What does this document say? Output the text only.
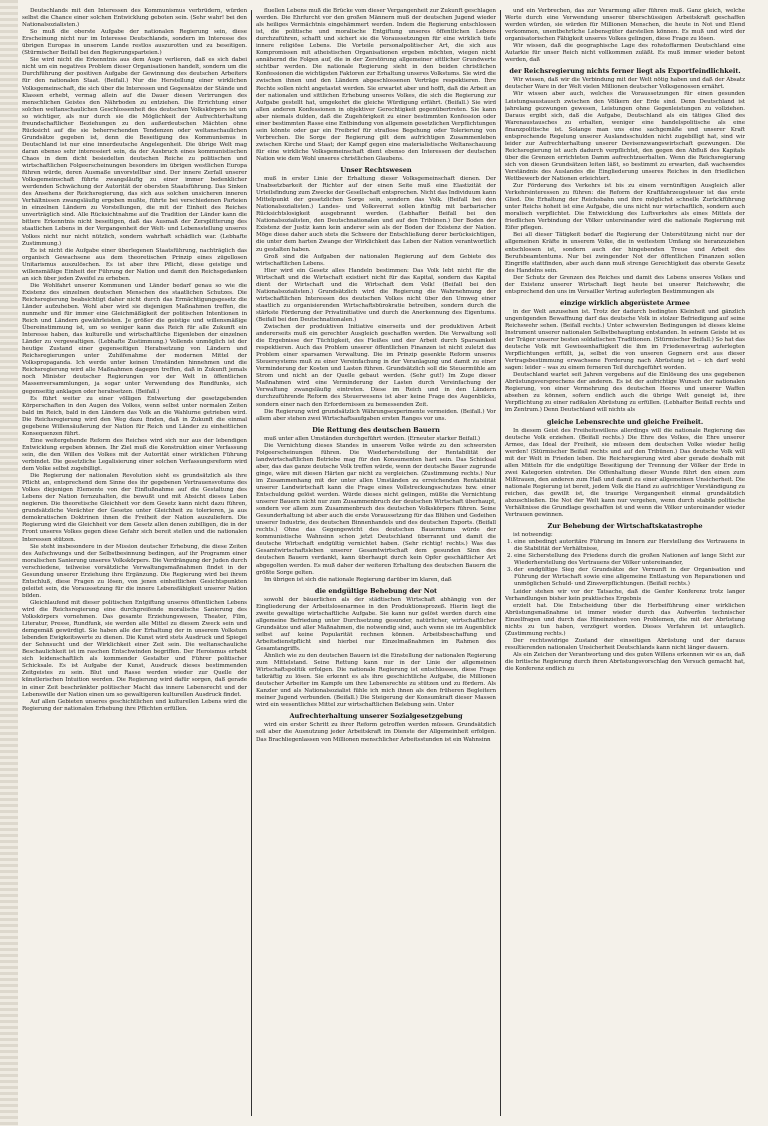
Deutschlands mit den Interessen des Kommunismus verbrüdern, würden selbst die Chance einer solchen Entwicklung geboten sein. (Sehr wahr! bei den Nationalsozialisten.)

So muß die oberste Aufgabe der nationalen Regierung sein, diese Erscheinung nicht nur im Interesse Deutschlands, sondern im Interesse des übrigen Europas in unserem Lande restlos auszurotten und zu beseitigen. (Stürmischer Beifall bei den Regierungsparteien.)

Sie wird nicht die Erkenntnis aus dem Auge verlieren, daß es sich dabei nicht um ein negatives Problem dieser Organisationen handelt, sondern um die Durchführung der positiven Aufgabe der Gewinnung des deutschen Arbeiters für den nationalen Staat. (Beifall.) Nur die Herstellung einer wirklichen Volksgemeinschaft, die sich über die Interessen und Gegensätze der Stände und Klassen erhebt, vermag allein auf die Dauer diesen Verirrungen des menschlichen Geistes den Nährboden zu entziehen. Die Errichtung einer solchen weltanschaulichen Geschlossenheit des deutschen Volkskörpers ist um so wichtiger, als nur durch sie die Möglichkeit der Aufrechterhaltung freundschaftlicher Beziehungen zu den außerdeutschen Mächten ohne Rücksicht auf die sie beherrschenden Tendenzen oder weltanschaulichen Grundsätze gegeben ist, denn die Beseitigung des Kommunismus in Deutschland ist nur eine innerdeutsche Angelegenheit. Die übrige Welt mag daran ebenso sehr interessiert sein, da der Ausbruch eines kommunistischen Chaos in dem dicht besiedelten deutschen Reiche zu politischen und wirtschaftlichen Folgeerscheinungen besonders im übrigen westlichen Europa führen würde, deren Ausmaße unvorstellbar sind. Der innere Zerfall unserer Volksgemeinschaft führte zwangsläufig zu einer immer bedenklicher werdenden Schwächung der Autorität der obersten Staatsführung. Das Sinken des Ansehens der Reichsregierung, das sich aus solchen unsicheren inneren Verhältnissen zwangsläufig ergeben mußte, führte bei verschiedenen Parteien in einzelnen Ländern zu Vorstellungen, die mit der Einheit des Reiches unverträglich sind. Alle Rücksichtnahme auf die Tradition der Länder kann die bittere Erkenntnis nicht beseitigen, daß das Ausmaß der Zersplitterung des staatlichen Lebens in der Vergangenheit der Welt- und Lebensstellung unseres Volkes nicht nur nicht nützlich, sondern wahrhaft schädlich war. (Lebhafte Zustimmung.)

Es ist nicht die Aufgabe einer überlegenen Staatsführung, nachträglich das organisch Gewachsene aus dem theoretischen Prinzip eines zügellosen Unitarismus auszulöschen. Es ist aber ihre Pflicht, diese geistige und willensmäßige Einheit der Führung der Nation und damit den Reichsgedanken an sich über jeden Zweifel zu erheben.

Die Wohlfahrt unserer Kommunen und Länder bedarf genau so wie die Existenz des einzelnen deutschen Menschen des staatlichen Schutzes. Die Reichsregierung beabsichtigt daher nicht durch das Ermächtigungsgesetz die Länder aufzuheben. Wohl aber wird sie diejenigen Maßnahmen treffen, die nunmehr und für immer eine Gleichmäßigkeit der politischen Intentionen in Reich und Ländern gewährleisten. Je größer die geistige und willensmäßige Übereinstimmung ist, um so weniger kann das Reich für alle Zukunft ein Interesse haben, das kulturelle und wirtschaftliche Eigenleben der einzelnen Länder zu vergewaltigen. (Lebhafte Zustimmung.) Vollends unmöglich ist der heutige Zustand einer gegenseitigen Herabsetzung von Ländern und Reichsregierungen unter Zuhilfenahme der modernen Mittel der Volkspropaganda. Ich werde unter keinen Umständen hinnehmen und die Reichsregierung wird alle Maßnahmen dagegen treffen, daß in Zukunft jemals noch Minister deutscher Regierungen vor der Welt in öffentlichen Massenversammlungen, ja sogar unter Verwendung des Rundfunks, sich gegenseitig anklagen oder herabsetzen. (Beifall.)

Es führt weiter zu einer völligen Entwertung der gesetzgebenden Körperschaften in den Augen des Volkes, wenn selbst unter normalen Zeiten bald im Reich, bald in den Ländern das Volk an die Wahlurne getrieben wird. Die Reichsregierung wird den Weg dazu finden, daß in Zukunft die einmal gegebene Willensäußerung der Nation für Reich und Länder zu einheitlichen Konsequenzen führt.

Eine weitergehende Reform des Reiches wird sich nur aus der lebendigen Entwicklung ergeben können. Ihr Ziel muß die Konstruktion einer Verfassung sein, die den Willen des Volkes mit der Autorität einer wirklichen Führung verbindet. Die gesetzliche Legalisierung einer solchen Verfassungsreform wird dem Volke selbst zugebilligt.

Die Regierung der nationalen Revolution sieht es grundsätzlich als ihre Pflicht an, entsprechend dem Sinne des ihr gegebenen Vertrauensvotums des Volkes diejenigen Elemente von der Einflußnahme auf die Gestaltung des Lebens der Nation fernzuhalten, die bewußt und mit Absicht dieses Leben negieren. Die theoretische Gleichheit vor dem Gesetz kann nicht dazu führen, grundsätzliche Verächter der Gesetze unter Gleichheit zu tolerieren, ja aus demokratischen Doktrinen ihnen die Freiheit der Nation auszuliefern. Die Regierung wird die Gleichheit vor dem Gesetz allen denen zubilligen, die in der Front unseres Volkes gegen diese Gefahr sich bereit stellen und die nationalen Interessen stützen.

Sie steht insbesondere in der Mission deutscher Erhebung, die diese Zeiten des Aufschwungs und der Selbstbesinnung bedingen, auf ihr Programm einer moralischen Sanierung unseres Volkskörpers. Die Verdrängung der Juden durch verschiedene, teilweise vorsätzliche Verwaltungsmaßnahmen findet in der Gesundung unserer Erziehung ihre Ergänzung. Die Regierung wird bei ihrem Entschluß, diese Fragen zu lösen, von jenen einheitlichen Gesichtspunkten geleitet sein, die Voraussetzung für die innere Lebensfähigkeit unserer Nation bilden.

Gleichlaufend mit dieser politischen Entgiftung unseres öffentlichen Lebens wird die Reichsregierung eine durchgreifende moralische Sanierung des Volkskörpers vornehmen. Das gesamte Erziehungswesen, Theater, Film, Literatur, Presse, Rundfunk, sie werden alle Mittel zu diesem Zweck sein und demgemäß gewürdigt. Sie haben alle der Erhaltung der in unserem Volkstum lebenden Ewigkeitswerte zu dienen. Die Kunst wird stets Ausdruck und Spiegel der Sehnsucht und der Wirklichkeit einer Zeit sein. Die weltanschauliche Beschaulichkeit ist im raschen Entschwinden begriffen. Der Heroismus erhebt sich leidenschaftlich als kommender Gestalter und Führer politischer Schicksale. Es ist Aufgabe der Kunst, Ausdruck dieses bestimmenden Zeitgeistes zu sein. Blut und Rasse werden wieder zur Quelle der künstlerischen Intuition werden. Die Regierung wird dafür sorgen, daß gerade in einer Zeit beschränkter politischer Macht das innere Lebensrecht und der Lebenswille der Nation einen um so gewaltigeren kulturellen Ausdruck findet.

Auf allen Gebieten unseres geschichtlichen und kulturellen Lebens wird die Regierung der nationalen Erhebung ihre Pflichten erfüllen.

fluellen Lebens muß die Brücke vom dieser Vergangenheit zur Zukunft geschlagen werden. Die Ehrfurcht vor den großen Männern muß der deutschen Jugend wieder als heiliges Vermächtnis eingehämmert werden. Indem die Regierung entschlossen ist, die politische und moralische Entgiftung unseres öffentlichen Lebens durchzuführen, schafft und sichert sie die Voraussetzungen für eine wirklich tiefe innere religiöse Lebens. Die Vorteile personalpolitischer Art, die sich aus Kompromissen mit atheistischen Organisationen ergeben möchten, wiegen nicht annähernd die Folgen auf, die in der Zerstörung allgemeiner sittlicher Grundwerte sichtbar werden. Die nationale Regierung sieht in den beiden christlichen Konfessionen die wichtigsten Faktoren zur Erhaltung unseres Volkstums. Sie wird die zwischen ihnen und den Ländern abgeschlossenen Verträge respektieren. Ihre Rechte sollen nicht angetastet werden. Sie erwartet aber und hofft, daß die Arbeit an der nationalen und sittlichen Erhebung unseres Volkes, die sich die Regierung zur Aufgabe gestellt hat, umgekehrt die gleiche Würdigung erfährt. (Beifall.) Sie wird allen anderen Konfessionen in objektiver Gerechtigkeit gegenübertreten. Sie kann aber niemals dulden, daß die Zugehörigkeit zu einer bestimmten Konfession oder einer bestimmten Rasse eine Entbindung von allgemein gesetzlichen Verpflichtungen sein könnte oder gar ein Freibrief für straflose Begehung oder Tolerierung von Verbrechen. Die Sorge der Regierung gilt dem aufrichtigen Zusammenleben zwischen Kirche und Staat; der Kampf gegen eine materialistische Weltanschauung für eine wirkliche Volksgemeinschaft dient ebenso den Interessen der deutschen Nation wie dem Wohl unseres christlichen Glaubens.

Unser Rechtswesen

muß in erster Linie der Erhaltung dieser Volksgemeinschaft dienen. Der Unabsetzbarkeit der Richter auf der einen Seite muß eine Elastizität der Urteilsfindung zum Zwecke der Gesellschaft entsprechen. Nicht das Individuum kann Mittelpunkt der gesetzlichen Sorge sein, sondern das Volk. (Beifall bei den Nationalsozialisten.) Landes- und Volksverrat sollen künftig mit barbarischer Rücksichtslosigkeit ausgebrannt werden. (Lebhafter Beifall bei den Nationalsozialisten, den Deutschnationalen und auf den Tribünen.) Der Boden der Existenz der Justiz kann kein anderer sein als der Boden der Existenz der Nation. Möge diese daher auch stets die Schwere der Entschließung derer berücksichtigen, die unter dem harten Zwange der Wirklichkeit das Leben der Nation verantwortlich zu gestalten haben.

Groß sind die Aufgaben der nationalen Regierung auf dem Gebiete des wirtschaftlichen Lebens.

Hier wird ein Gesetz alles Handeln bestimmen: Das Volk lebt nicht für die Wirtschaft und die Wirtschaft existiert nicht für das Kapital, sondern das Kapital dient der Wirtschaft und die Wirtschaft dem Volk! (Beifall bei den Nationalsozialisten.) Grundsätzlich wird die Regierung die Wahrnehmung der wirtschaftlichen Interessen des deutschen Volkes nicht über den Umweg einer staatlich zu organisierenden Wirtschaftsbürokratie betreiben, sondern durch die stärkste Förderung der Privatinitiative und durch die Anerkennung des Eigentums. (Beifall bei den Deutschnationalen.)

Zwischen der produktiven Initiative einerseits und der produktiven Arbeit andererseits muß ein gerechter Ausgleich geschaffen werden. Die Verwaltung soll die Ergebnisse der Tüchtigkeit, des Fleißes und der Arbeit durch Sparsamkeit respektieren. Auch das Problem unserer öffentlichen Finanzen ist nicht zuletzt das Problem einer sparsamen Verwaltung. Die im Prinzip gesenkte Reform unseres Steuersystems muß zu einer Vereinfachung in der Veranlagung und damit zu einer Verminderung der Kosten und Lasten führen. Grundsätzlich soll die Steuermühle am Strom und nicht an der Quelle gebaut werden. (Sehr gut!) Im Zuge dieser Maßnahmen wird eine Verminderung der Lasten durch Vereinfachung der Verwaltung zwangsläufig eintreten. Diese im Reich und in den Ländern durchzuführende Reform des Steuerwesens ist aber keine Frage des Augenblicks, sondern einer nach den Erfordernissen zu bemessenden Zeit.

Die Regierung wird grundsätzlich Währungsexperimente vermeiden. (Beifall.) Vor allem aber stehen zwei Wirtschaftsaufgaben ersten Ranges vor uns.

Die Rettung des deutschen Bauern

muß unter allen Umständen durchgeführt werden. (Erneuter starker Beifall.)

Die Vernichtung dieses Standes in unserem Volke würde zu den schwersten Folgeerscheinungen führen. Die Wiederherstellung der Rentabilität der landwirtschaftlichen Betriebe mag für den Konsumenten hart sein. Das Schicksal aber, das das ganze deutsche Volk treffen würde, wenn der deutsche Bauer zugrunde ginge, wäre mit diesen Härten gar nicht zu vergleichen. (Zustimmung rechts.) Nur im Zusammenhang mit der unter allen Umständen zu erreichenden Rentabilität unserer Landwirtschaft kann die Frage eines Vollstreckungsschutzes bzw. einer Entschuldung gelöst werden. Würde dieses nicht gelingen, müßte die Vernichtung unserer Bauern nicht nur zum Zusammenbruch der deutschen Wirtschaft überhaupt, sondern vor allem zum Zusammenbruch des deutschen Volkskörpers führen. Seine Gesunderhaltung ist aber auch die erste Voraussetzung für das Blühen und Gedeihen unserer Industrie, des deutschen Binnenhandels und des deutschen Exports. (Beifall rechts.) Ohne das Gegengewicht des deutschen Bauerntums würde der kommunistische Wahnsinn schon jetzt Deutschland überrannt und damit die deutsche Wirtschaft endgültig vernichtet haben. (Sehr richtig! rechts.) Was das Gesamtwirtschaftsleben unserer Gesamtwirtschaft dem gesunden Sinn des deutschen Bauern verdankt, kann überhaupt durch kein Opfer geschäftlicher Art abgegolten werden. Es muß daher der weiteren Erhaltung des deutschen Bauern die größte Sorge gelten.

Im übrigen ist sich die nationale Regierung darüber im klaren, daß

die endgültige Behebung der Not

sowohl der bäuerlichen als der städtischen Wirtschaft abhängig von der Eingliederung der Arbeitslosenarmee in den Produktionsprozeß. Hierin liegt die zweite gewaltige wirtschaftliche Aufgabe. Sie kann nur gelöst werden durch eine allgemeine Befriedung unter Durchsetzung gesunder, natürlicher, wirtschaftlicher Grundsätze und aller Maßnahmen, die notwendig sind, auch wenn sie im Augenblick selbst auf keine Popularität rechnen können. Arbeitsbeschaffung und Arbeitsdienstpflicht sind hierbei nur Einzelmaßnahmen im Rahmen des Gesamtangriffs.

Ähnlich wie zu den deutschen Bauern ist die Einstellung der nationalen Regierung zum Mittelstand. Seine Rettung kann nur in der Linie der allgemeinen Wirtschaftspolitik erfolgen. Die nationale Regierung ist entschlossen, diese Frage tatkräftig zu lösen. Sie erkennt es als ihre geschichtliche Aufgabe, die Millionen deutscher Arbeiter im Kampfe um ihre Lebensrechte zu stützen und zu fördern. Als Kanzler und als Nationalsozialist fühle ich mich ihnen als den früheren Begleitern meiner Jugend verbunden. (Beifall.) Die Steigerung der Konsumkraft dieser Massen wird ein wesentliches Mittel zur wirtschaftlichen Belebung sein. Unter

Aufrechterhaltung unserer Sozialgesetzgebung

wird ein erster Schritt zu ihrer Reform getroffen werden müssen. Grundsätzlich soll aber die Ausnutzung jeder Arbeitskraft im Dienste der Allgemeinheit erfolgen. Das Brachliegenlassen von Millionen menschlicher Arbeitsstunden ist ein Wahnsinn

und ein Verbrechen, das zur Verarmung aller führen muß. Ganz gleich, welche Werte durch eine Verwendung unserer überschüssigen Arbeitskraft geschaffen werden würden, sie würden für Millionen Menschen, die heute in Not und Elend verkommen, unentbehrliche Lebensgüter darstellen können. Es muß und wird der organisatorischen Fähigkeit unseres Volkes gelingen, diese Frage zu lösen.

Wir wissen, daß die geographische Lage des rohstoffarmen Deutschland eine Autarkie für unser Reich nicht vollkommen zuläßt. Es muß immer wieder betont werden, daß

der Reichsregierung nichts ferner liegt als Exportfeindlichkeit.

Wir wissen, daß wir die Verbindung mit der Welt nötig haben und daß der Absatz deutscher Ware in der Welt vielen Millionen deutscher Volksgenossen ernährt.

Wir wissen aber auch, welches die Voraussetzungen für einen gesunden Leistungsaustausch zwischen den Völkern der Erde sind. Denn Deutschland ist jahrelang gezwungen gewesen, Leistungen ohne Gegenleistungen zu vollziehen. Daraus ergibt sich, daß die Aufgabe, Deutschland als ein tätiges Glied des Warenaustausches zu erhalten, weniger eine handelspolitische als eine finanzpolitische ist. Solange man uns eine sachgemäße und unserer Kraft entsprechende Regelung unserer Auslandsschulden nicht zugebilligt hat, sind wir leider zur Aufrechterhaltung unserer Devisenzwangswirtschaft gezwungen. Die Reichsregierung ist auch dadurch verpflichtet, den gegen den Abfluß des Kapitals über die Grenzen errichteten Damm aufrechtzuerhalten. Wenn die Reichsregierung sich von diesen Grundsätzen leiten läßt, so bestimmt zu erwarten, daß wachsendes Verständnis des Auslandes die Eingliederung unseres Reiches in den friedlichen Wettbewerb der Nationen erleichtert.

Zur Förderung des Verkehrs ist bis zu einem vernünftigen Ausgleich aller Verkehrsinteressen zu führen: die Reform der Kraftfahrzeugsteuer ist das erste Glied. Die Erhaltung der Reichsbahn und ihre möglichst schnelle Zurückführung unter Reichs hoheit ist eine Aufgabe, die uns nicht nur wirtschaftlich, sondern auch moralisch verpflichtet. Die Entwicklung des Luftverkehrs als eines Mittels der friedlichen Verbindung der Völker untereinander wird die nationale Regierung mit Eifer pflegen.

Bei all dieser Tätigkeit bedarf die Regierung der Unterstützung nicht nur der allgemeinen Kräfte in unserem Volke, die in weitestem Umfang sie heranzuziehen entschlossen ist, sondern auch der hingebenden Treue und Arbeit des Berufsbeamtentums. Nur bei zwingender Not der öffentlichen Finanzen sollen Eingriffe stattfinden, aber auch dann muß strenge Gerechtigkeit das oberste Gesetz des Handelns sein.

Der Schutz der Grenzen des Reiches und damit des Lebens unseres Volkes und der Existenz unserer Wirtschaft liegt heute bei unserer Reichswehr, die entsprechend den uns im Versailler Vertrag auferlegten Bestimmungen als

einzige wirklich abgerüstete Armee

in der Welt anzusehen ist. Trotz der dadurch bedingten Kleinheit und gänzlich ungenügenden Bewaffnung darf das deutsche Volk in stolzer Befriedigung auf seine Reichswehr sehen. (Beifall rechts.) Unter schwersten Bedingungen ist dieses kleine Instrument unserer nationalen Selbstbehauptung entstanden. In seinem Geiste ist es der Träger unserer besten soldatischen Traditionen. (Stürmischer Beifall.) So hat das deutsche Volk mit Gewissenhaftigkeit die ihm im Friedensvertrag auferlegten Verpflichtungen erfüllt, ja, selbst die von unseren Gegnern erst aus dieser Vertragsbestimmung erwachsene Forderung nach Abrüstung ist – ich darf wohl sagen: leider – was zu einem ferneren Teil durchgeführt worden.

Deutschland wartet seit Jahren vergebens auf die Einlösung des uns gegebenen Abrüstungsversprechens der anderen. Es ist der aufrichtige Wunsch der nationalen Regierung, von einer Vermehrung des deutschen Heeres und unserer Waffen absehen zu können, sofern endlich auch die übrige Welt geneigt ist, ihre Verpflichtung zu einer radikalen Abrüstung zu erfüllen. (Lebhafter Beifall rechts und im Zentrum.) Denn Deutschland will nichts als

gleiche Lebensrechte und gleiche Freiheit.

In diesem Geist des Freiheitswillens allerdings will die nationale Regierung das deutsche Volk erziehen. (Beifall rechts.) Die Ehre des Volkes, die Ehre unserer Armee, das Ideal der Freiheit, sie müssen dem deutschen Volke wieder heilig werden! (Stürmischer Beifall rechts und auf den Tribünen.) Das deutsche Volk will mit der Welt in Frieden leben. Die Reichsregierung wird aber gerade deshalb mit allen Mitteln für die endgültige Beseitigung der Trennung der Völker der Erde in zwei Kategorien eintreten. Die Offenhaltung dieser Wunde führt den einen zum Mißtrauen, den anderen zum Haß und damit zu einer allgemeinen Unsicherheit. Die nationale Regierung ist bereit, jedem Volk die Hand zu aufrichtiger Verständigung zu reichen, das gewillt ist, die traurige Vergangenheit einmal grundsätzlich abzuschließen. Die Not der Welt kann nur vergehen, wenn durch stabile politische Verhältnisse die Grundlage geschaffen ist und wenn die Völker untereinander wieder Vertrauen gewinnen.

Zur Behebung der Wirtschaftskatastrophe

ist notwendig:

1. eine unbedingt autoritäre Führung im Innern zur Herstellung des Vertrauens in die Stabilität der Verhältnisse,
2. eine Sicherstellung des Friedens durch die großen Nationen auf lange Sicht zur Wiederherstellung des Vertrauens der Völker untereinander,
3. der endgültige Sieg der Grundsätze der Vernunft in der Organisation und Führung der Wirtschaft sowie eine allgemeine Entlastung von Reparationen und unmöglichen Schuld- und Zinsverpflichtungen. (Beifall rechts.)

Leider stehen wir vor der Tatsache, daß die Genfer Konferenz trotz langer Verhandlungen bisher kein praktisches Ergebnis

erzielt hat. Die Entscheidung über die Herbeiführung einer wirklichen Abrüstungsmaßnahme ist immer wieder durch das Aufwerfen technischer Einzelfragen und durch das Hineinziehen von Problemen, die mit der Abrüstung nichts zu tun haben, verzögert worden. Dieses Verfahren ist untauglich. (Zustimmung rechts.)

Der rechtswidrige Zustand der einseitigen Abrüstung und der daraus resultierenden nationalen Unsicherheit Deutschlands kann nicht länger dauern.

Als ein Zeichen der Verantwortung und des guten Willens erkennen wir es an, daß die britische Regierung durch ihren Abrüstungsvorschlag den Versuch gemacht hat, die Konferenz endlich zu
